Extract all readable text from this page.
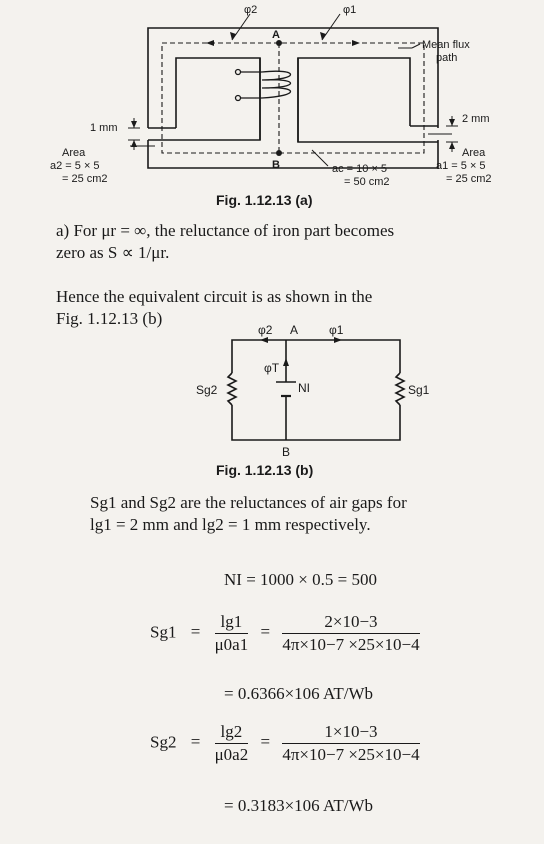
φ2	φ1
A
B
Mean flux
path
1 mm
2 mm
Area
a2 = 5 × 5
= 25 cm2
Area
a1 = 5 × 5
= 25 cm2
ac = 10 × 5
= 50 cm2
φ2	φ1
A
B
φT
NI
Sg2	Sg1
Fig. 1.12.13 (a)
a) For μr = ∞, the reluctance of iron part becomes
zero as S ∝ 1/μr.
Hence the equivalent circuit is as shown in the
Fig. 1.12.13 (b)
Fig. 1.12.13 (b)
Sg1 and Sg2 are the reluctances of air gaps for
lg1 = 2 mm and lg2 = 1 mm respectively.
NI = 1000 × 0.5 = 500
$Sg1 = \frac{\lg 1}{\mu 0a1} = \frac{2\times 10-3}{4\pi\times 10-7 \times 25\times 10-4}$
= 0.6366×106 AT/Wb
$Sg2 = \frac{\lg 2}{\mu 0a2} = \frac{1\times 10-3}{4\pi\times 10-7 \times 25\times 10-4}$
= 0.3183×106 AT/Wb
